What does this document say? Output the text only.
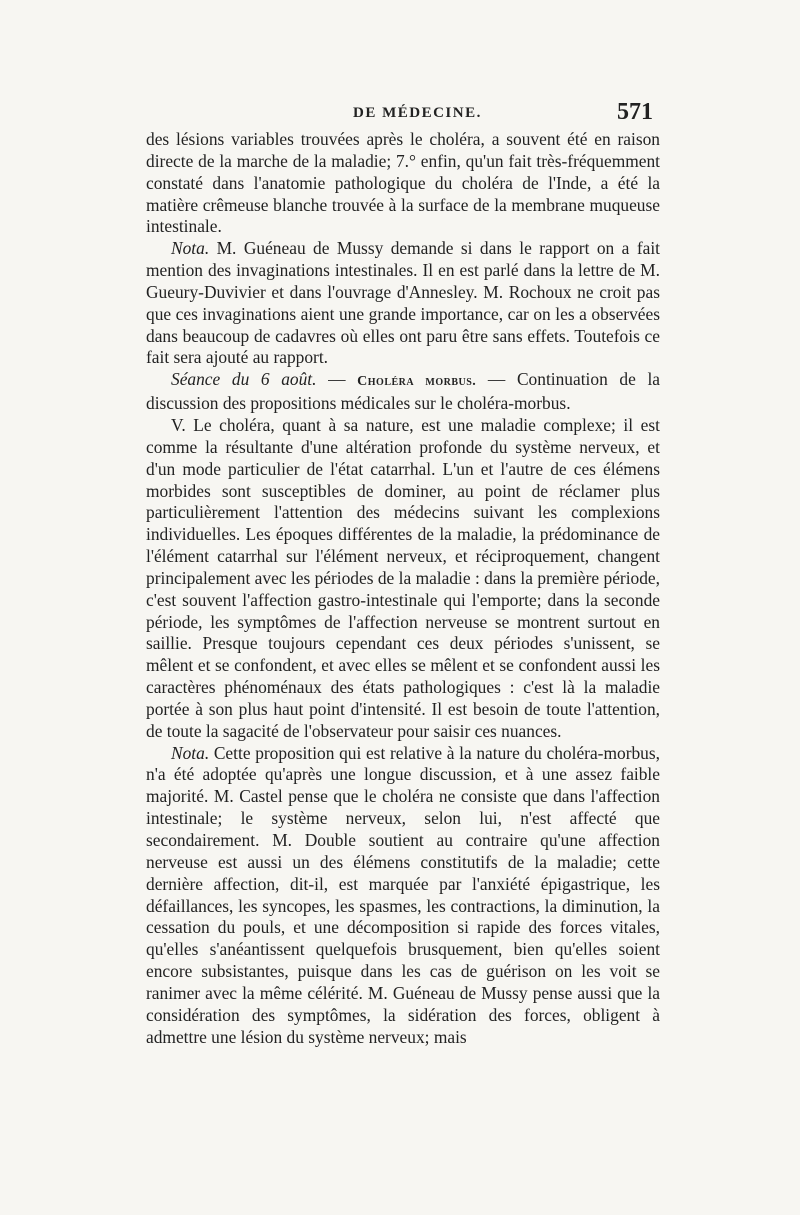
DE MÉDECINE.	571

des lésions variables trouvées après le choléra, a souvent été en raison directe de la marche de la maladie; 7.° enfin, qu'un fait très-fréquemment constaté dans l'anatomie pathologique du choléra de l'Inde, a été la matière crêmeuse blanche trouvée à la surface de la membrane muqueuse intestinale.

Nota. M. Guéneau de Mussy demande si dans le rapport on a fait mention des invaginations intestinales. Il en est parlé dans la lettre de M. Gueury-Duvivier et dans l'ouvrage d'Annesley. M. Rochoux ne croit pas que ces invaginations aient une grande importance, car on les a observées dans beaucoup de cadavres où elles ont paru être sans effets. Toutefois ce fait sera ajouté au rapport.

Séance du 6 août. — Choléra morbus. — Continuation de la discussion des propositions médicales sur le choléra-morbus.

V. Le choléra, quant à sa nature, est une maladie complexe; il est comme la résultante d'une altération profonde du système nerveux, et d'un mode particulier de l'état catarrhal. L'un et l'autre de ces élémens morbides sont susceptibles de dominer, au point de réclamer plus particulièrement l'attention des médecins suivant les complexions individuelles. Les époques différentes de la maladie, la prédominance de l'élément catarrhal sur l'élément nerveux, et réciproquement, changent principalement avec les périodes de la maladie : dans la première période, c'est souvent l'affection gastro-intestinale qui l'emporte; dans la seconde période, les symptômes de l'affection nerveuse se montrent surtout en saillie. Presque toujours cependant ces deux périodes s'unissent, se mêlent et se confondent, et avec elles se mêlent et se confondent aussi les caractères phénoménaux des états pathologiques : c'est là la maladie portée à son plus haut point d'intensité. Il est besoin de toute l'attention, de toute la sagacité de l'observateur pour saisir ces nuances.

Nota. Cette proposition qui est relative à la nature du choléra-morbus, n'a été adoptée qu'après une longue discussion, et à une assez faible majorité. M. Castel pense que le choléra ne consiste que dans l'affection intestinale; le système nerveux, selon lui, n'est affecté que secondairement. M. Double soutient au contraire qu'une affection nerveuse est aussi un des élémens constitutifs de la maladie; cette dernière affection, dit-il, est marquée par l'anxiété épigastrique, les défaillances, les syncopes, les spasmes, les contractions, la diminution, la cessation du pouls, et une décomposition si rapide des forces vitales, qu'elles s'anéantissent quelquefois brusquement, bien qu'elles soient encore subsistantes, puisque dans les cas de guérison on les voit se ranimer avec la même célérité. M. Guéneau de Mussy pense aussi que la considération des symptômes, la sidération des forces, obligent à admettre une lésion du système nerveux; mais
